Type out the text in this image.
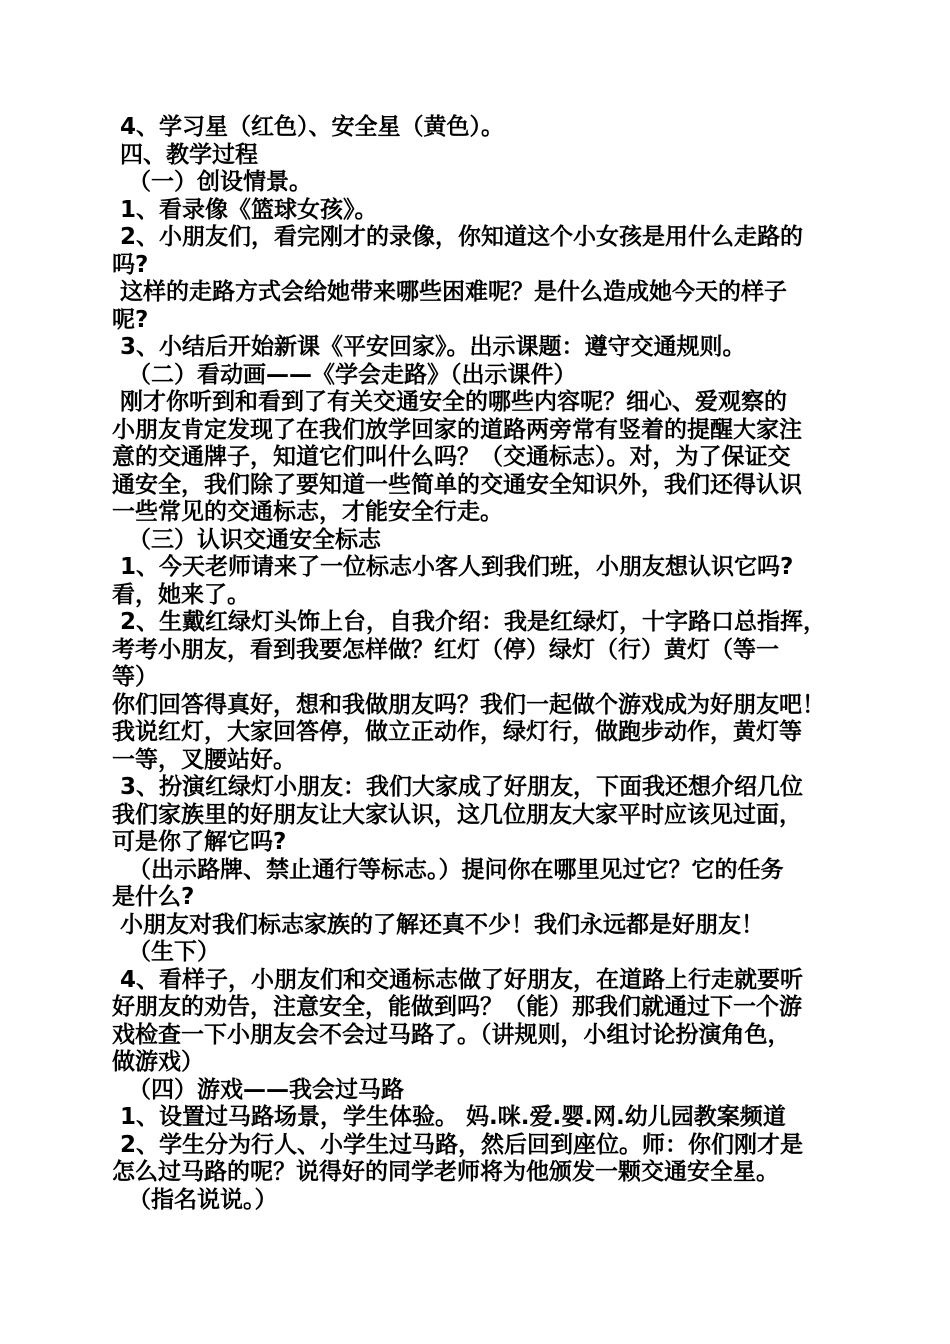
4、学习星（红色）、安全星（黄色）。
四、教学过程
（一）创设情景。
1、看录像《篮球女孩》。
2、小朋友们，看完刚才的录像，你知道这个小女孩是用什么走路的
吗?
这样的走路方式会给她带来哪些困难呢？是什么造成她今天的样子
呢?
3、小结后开始新课《平安回家》。出示课题：遵守交通规则。
（二）看动画——《学会走路》（出示课件）
刚才你听到和看到了有关交通安全的哪些内容呢？细心、爱观察的
小朋友肯定发现了在我们放学回家的道路两旁常有竖着的提醒大家注
意的交通牌子，知道它们叫什么吗？（交通标志）。对，为了保证交
通安全，我们除了要知道一些简单的交通安全知识外，我们还得认识
一些常见的交通标志，才能安全行走。
（三）认识交通安全标志
1、今天老师请来了一位标志小客人到我们班，小朋友想认识它吗?
看，她来了。
2、生戴红绿灯头饰上台，自我介绍：我是红绿灯，十字路口总指挥，
考考小朋友，看到我要怎样做？红灯（停）绿灯（行）黄灯（等一
等）
你们回答得真好，想和我做朋友吗？我们一起做个游戏成为好朋友吧！
我说红灯，大家回答停，做立正动作，绿灯行，做跑步动作，黄灯等
一等，叉腰站好。
3、扮演红绿灯小朋友：我们大家成了好朋友，下面我还想介绍几位
我们家族里的好朋友让大家认识，这几位朋友大家平时应该见过面，
可是你了解它吗?
（出示路牌、禁止通行等标志。）提问你在哪里见过它？它的任务
是什么?
小朋友对我们标志家族的了解还真不少！我们永远都是好朋友！
（生下）
4、看样子，小朋友们和交通标志做了好朋友，在道路上行走就要听
好朋友的劝告，注意安全，能做到吗？（能）那我们就通过下一个游
戏检查一下小朋友会不会过马路了。（讲规则，小组讨论扮演角色，
做游戏）
（四）游戏——我会过马路
1、设置过马路场景，学生体验。 妈.咪.爱.婴.网.幼儿园教案频道
2、学生分为行人、小学生过马路，然后回到座位。师：你们刚才是
怎么过马路的呢？说得好的同学老师将为他颁发一颗交通安全星。
（指名说说。）
